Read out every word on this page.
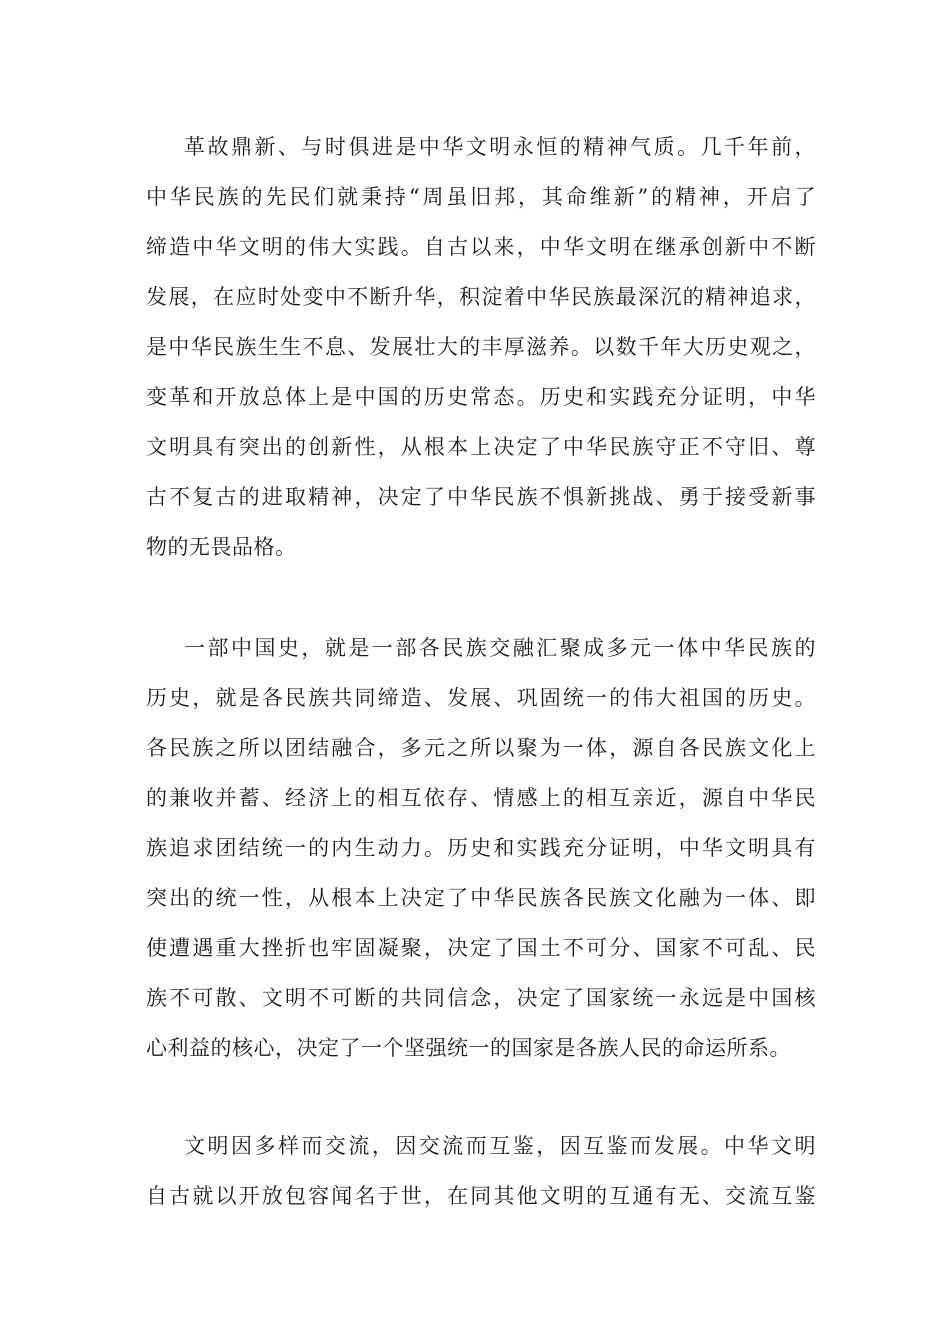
革故鼎新、与时俱进是中华文明永恒的精神气质。几千年前，
中华民族的先民们就秉持“周虽旧邦，其命维新”的精神，开启了
缔造中华文明的伟大实践。自古以来，中华文明在继承创新中不断
发展，在应时处变中不断升华，积淀着中华民族最深沉的精神追求，
是中华民族生生不息、发展壮大的丰厚滋养。以数千年大历史观之，
变革和开放总体上是中国的历史常态。历史和实践充分证明，中华
文明具有突出的创新性，从根本上决定了中华民族守正不守旧、尊
古不复古的进取精神，决定了中华民族不惧新挑战、勇于接受新事
物的无畏品格。
一部中国史，就是一部各民族交融汇聚成多元一体中华民族的
历史，就是各民族共同缔造、发展、巩固统一的伟大祖国的历史。
各民族之所以团结融合，多元之所以聚为一体，源自各民族文化上
的兼收并蓄、经济上的相互依存、情感上的相互亲近，源自中华民
族追求团结统一的内生动力。历史和实践充分证明，中华文明具有
突出的统一性，从根本上决定了中华民族各民族文化融为一体、即
使遭遇重大挫折也牢固凝聚，决定了国土不可分、国家不可乱、民
族不可散、文明不可断的共同信念，决定了国家统一永远是中国核
心利益的核心，决定了一个坚强统一的国家是各族人民的命运所系。
文明因多样而交流，因交流而互鉴，因互鉴而发展。中华文明
自古就以开放包容闻名于世，在同其他文明的互通有无、交流互鉴
